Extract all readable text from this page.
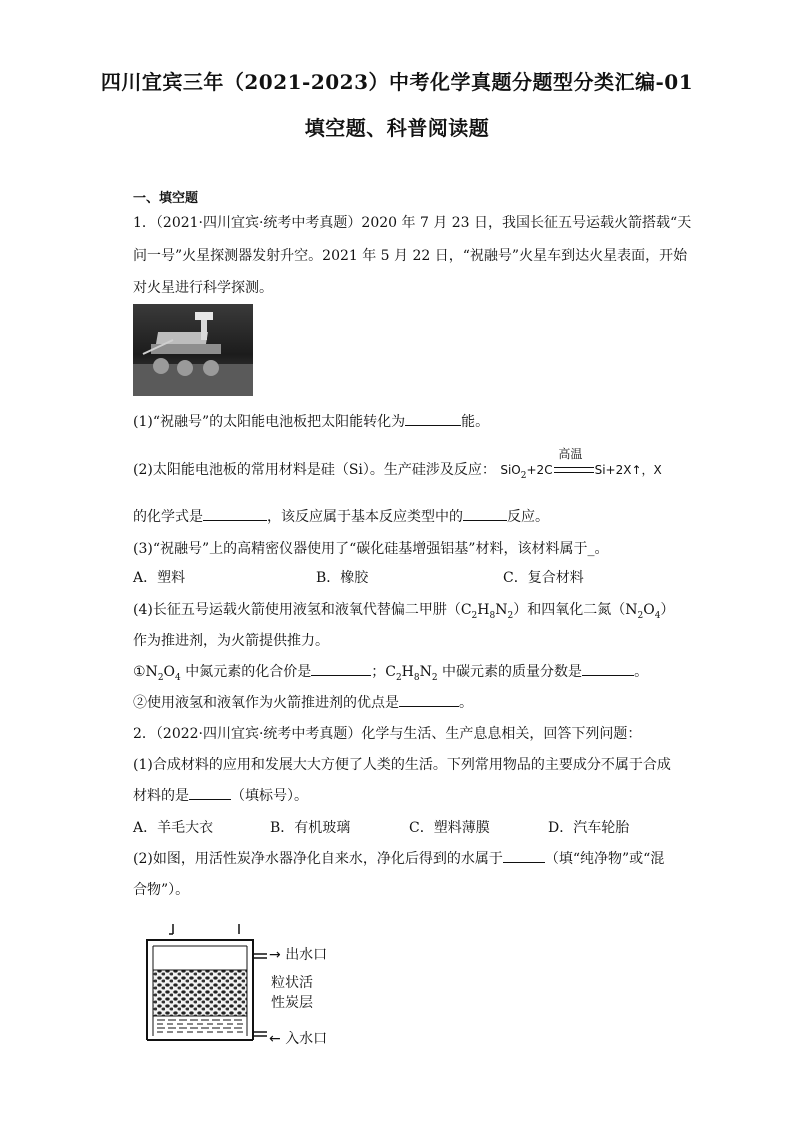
四川宜宾三年（2021-2023）中考化学真题分题型分类汇编-01
填空题、科普阅读题
一、填空题
1．（2021·四川宜宾·统考中考真题）2020 年 7 月 23 日，我国长征五号运载火箭搭载“天
问一号”火星探测器发射升空。2021 年 5 月 22 日，“祝融号”火星车到达火星表面，开始
对火星进行科学探测。
(1)“祝融号”的太阳能电池板把太阳能转化为	能。
(2)太阳能电池板的常用材料是硅（Si）。生产硅涉及反应： SiO$_2$+2C
高温
Si+2X↑，X
的化学式是	，该反应属于基本反应类型中的	反应。
(3)“祝融号”上的高精密仪器使用了“碳化硅基增强铝基”材料，该材料属于_。
A．塑料	B．橡胶	C．复合材料
(4)长征五号运载火箭使用液氢和液氧代替偏二甲肼$(C_2H_8N_2)$和四氧化二氮$(N_2O_4)$
作为推进剂，为火箭提供推力。
$①N_2O_4$ 中氮元素的化合价是	；$C_2H_8N_2$ 中碳元素的质量分数是	。
②使用液氢和液氧作为火箭推进剂的优点是	。
2．（2022·四川宜宾·统考中考真题）化学与生活、生产息息相关，回答下列问题：
(1)合成材料的应用和发展大大方便了人类的生活。下列常用物品的主要成分不属于合成
材料的是	（填标号）。
A．羊毛大衣	B．有机玻璃	C．塑料薄膜	D．汽车轮胎
(2)如图，用活性炭净水器净化自来水，净化后得到的水属于	（填“纯净物”或“混
合物”）。
→ 出水口
粒状活
性炭层
← 入水口
